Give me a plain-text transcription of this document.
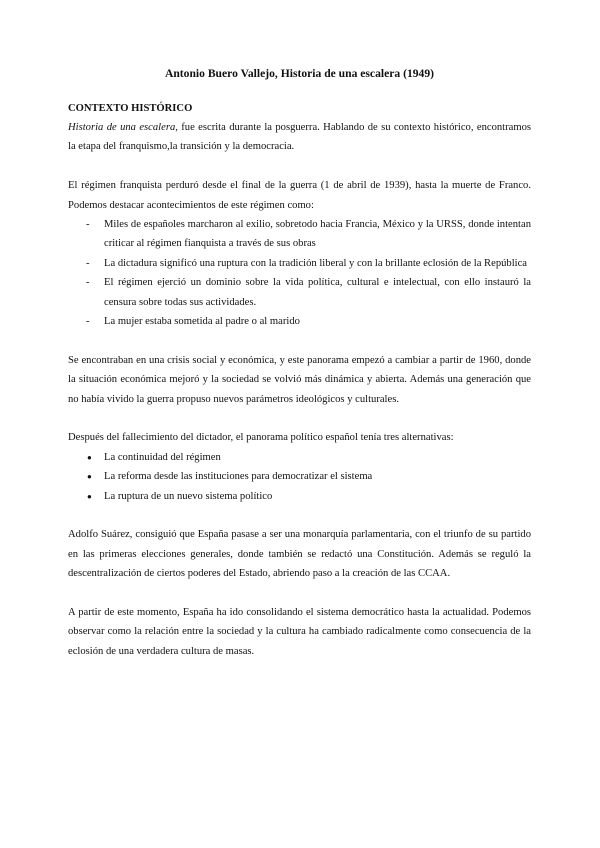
Antonio Buero Vallejo, Historia de una escalera (1949)
CONTEXTO HISTÓRICO

Historia de una escalera, fue escrita durante la posguerra. Hablando de su contexto histórico, encontramos la etapa del franquismo,la transición y la democracia.

El régimen franquista perduró desde el final de la guerra (1 de abril de 1939), hasta la muerte de Franco. Podemos destacar acontecimientos de este régimen como:

- Miles de españoles marcharon al exilio, sobretodo hacia Francia, México y la URSS, donde intentan criticar al régimen fianquista a través de sus obras
- La dictadura significó una ruptura con la tradición liberal y con la brillante eclosión de la República
- El régimen ejerció un dominio sobre la vida política, cultural e intelectual, con ello instauró la censura sobre todas sus actividades.
- La mujer estaba sometida al padre o al marido

Se encontraban en una crisis social y económica, y este panorama empezó a cambiar a partir de 1960, donde la situación económica mejoró y la sociedad se volvió más dinámica y abierta. Además una generación que no había vivido la guerra propuso nuevos parámetros ideológicos y culturales.

Después del fallecimiento del dictador, el panorama político español tenía tres alternativas:

● La continuidad del régimen
● La reforma desde las instituciones para democratizar el sistema
● La ruptura de un nuevo sistema político

Adolfo Suárez, consiguió que España pasase a ser una monarquía parlamentaria, con el triunfo de su partido en las primeras elecciones generales, donde también se redactó una Constitución. Además se reguló la descentralización de ciertos poderes del Estado, abriendo paso a la creación de las CCAA.

A partir de este momento, España ha ido consolidando el sistema democrático hasta la actualidad. Podemos observar como la relación entre la sociedad y la cultura ha cambiado radicalmente como consecuencia de la eclosión de una verdadera cultura de masas.
